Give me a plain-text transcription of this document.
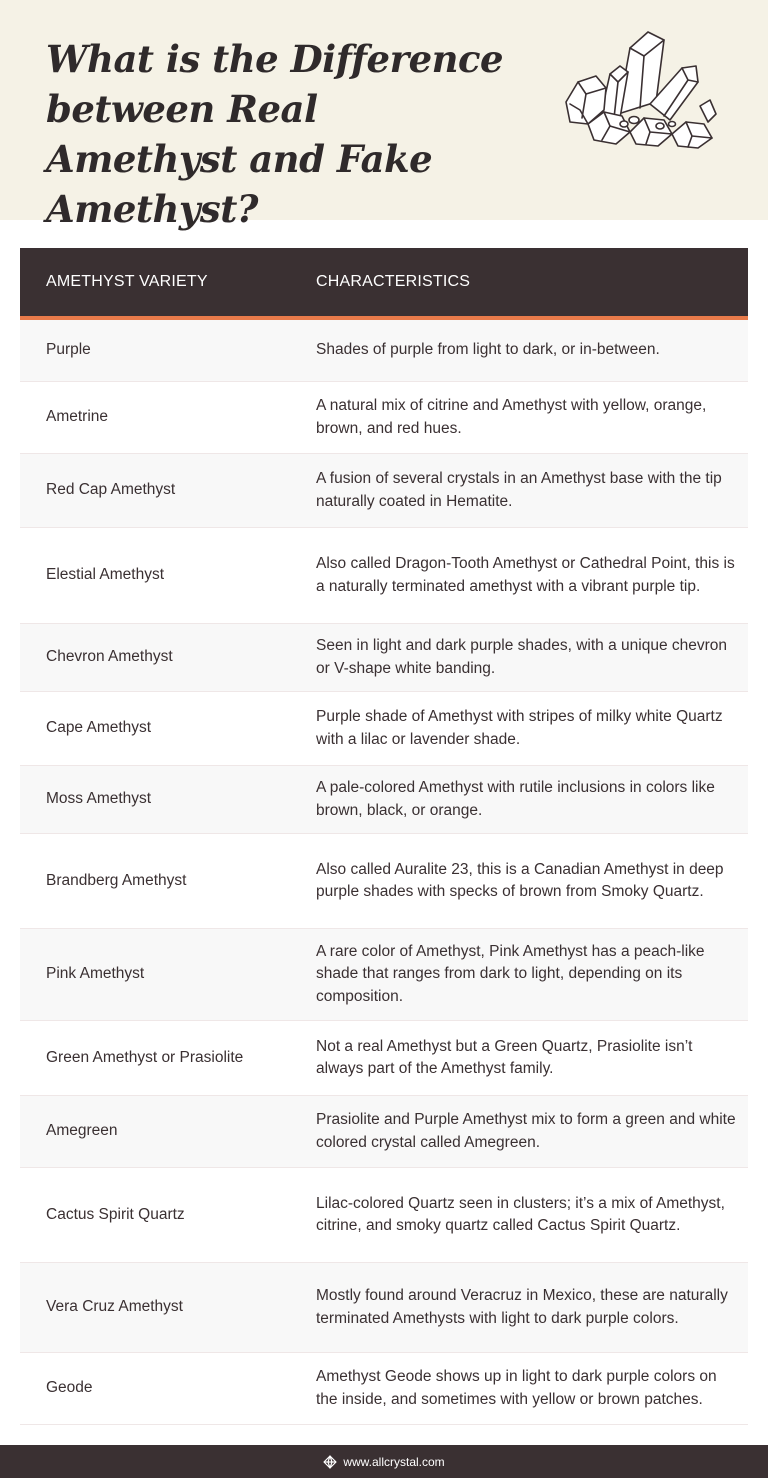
What is the Difference between Real Amethyst and Fake Amethyst?
AMETHYST VARIETY	CHARACTERISTICS
Purple	Shades of purple from light to dark, or in-between.
Ametrine
A natural mix of citrine and Amethyst with yellow, orange, brown, and red hues.
Red Cap Amethyst
A fusion of several crystals in an Amethyst base with the tip naturally coated in Hematite.
Elestial Amethyst
Also called Dragon-Tooth Amethyst or Cathedral Point, this is a naturally terminated amethyst with a vibrant purple tip.
Chevron Amethyst
Seen in light and dark purple shades, with a unique chevron or V-shape white banding.
Cape Amethyst
Purple shade of Amethyst with stripes of milky white Quartz with a lilac or lavender shade.
Moss Amethyst
A pale-colored Amethyst with rutile inclusions in colors like brown, black, or orange.
Brandberg Amethyst
Also called Auralite 23, this is a Canadian Amethyst in deep purple shades with specks of brown from Smoky Quartz.
Pink Amethyst
A rare color of Amethyst, Pink Amethyst has a peach-like shade that ranges from dark to light, depending on its composition.
Green Amethyst or Prasiolite
Not a real Amethyst but a Green Quartz, Prasiolite isn’t always part of the Amethyst family.
Amegreen
Prasiolite and Purple Amethyst mix to form a green and white colored crystal called Amegreen.
Cactus Spirit Quartz
Lilac-colored Quartz seen in clusters; it’s a mix of Amethyst, citrine, and smoky quartz called Cactus Spirit Quartz.
Vera Cruz Amethyst
Mostly found around Veracruz in Mexico, these are naturally terminated Amethysts with light to dark purple colors.
Geode
Amethyst Geode shows up in light to dark purple colors on the inside, and sometimes with yellow or brown patches.
www.allcrystal.com
